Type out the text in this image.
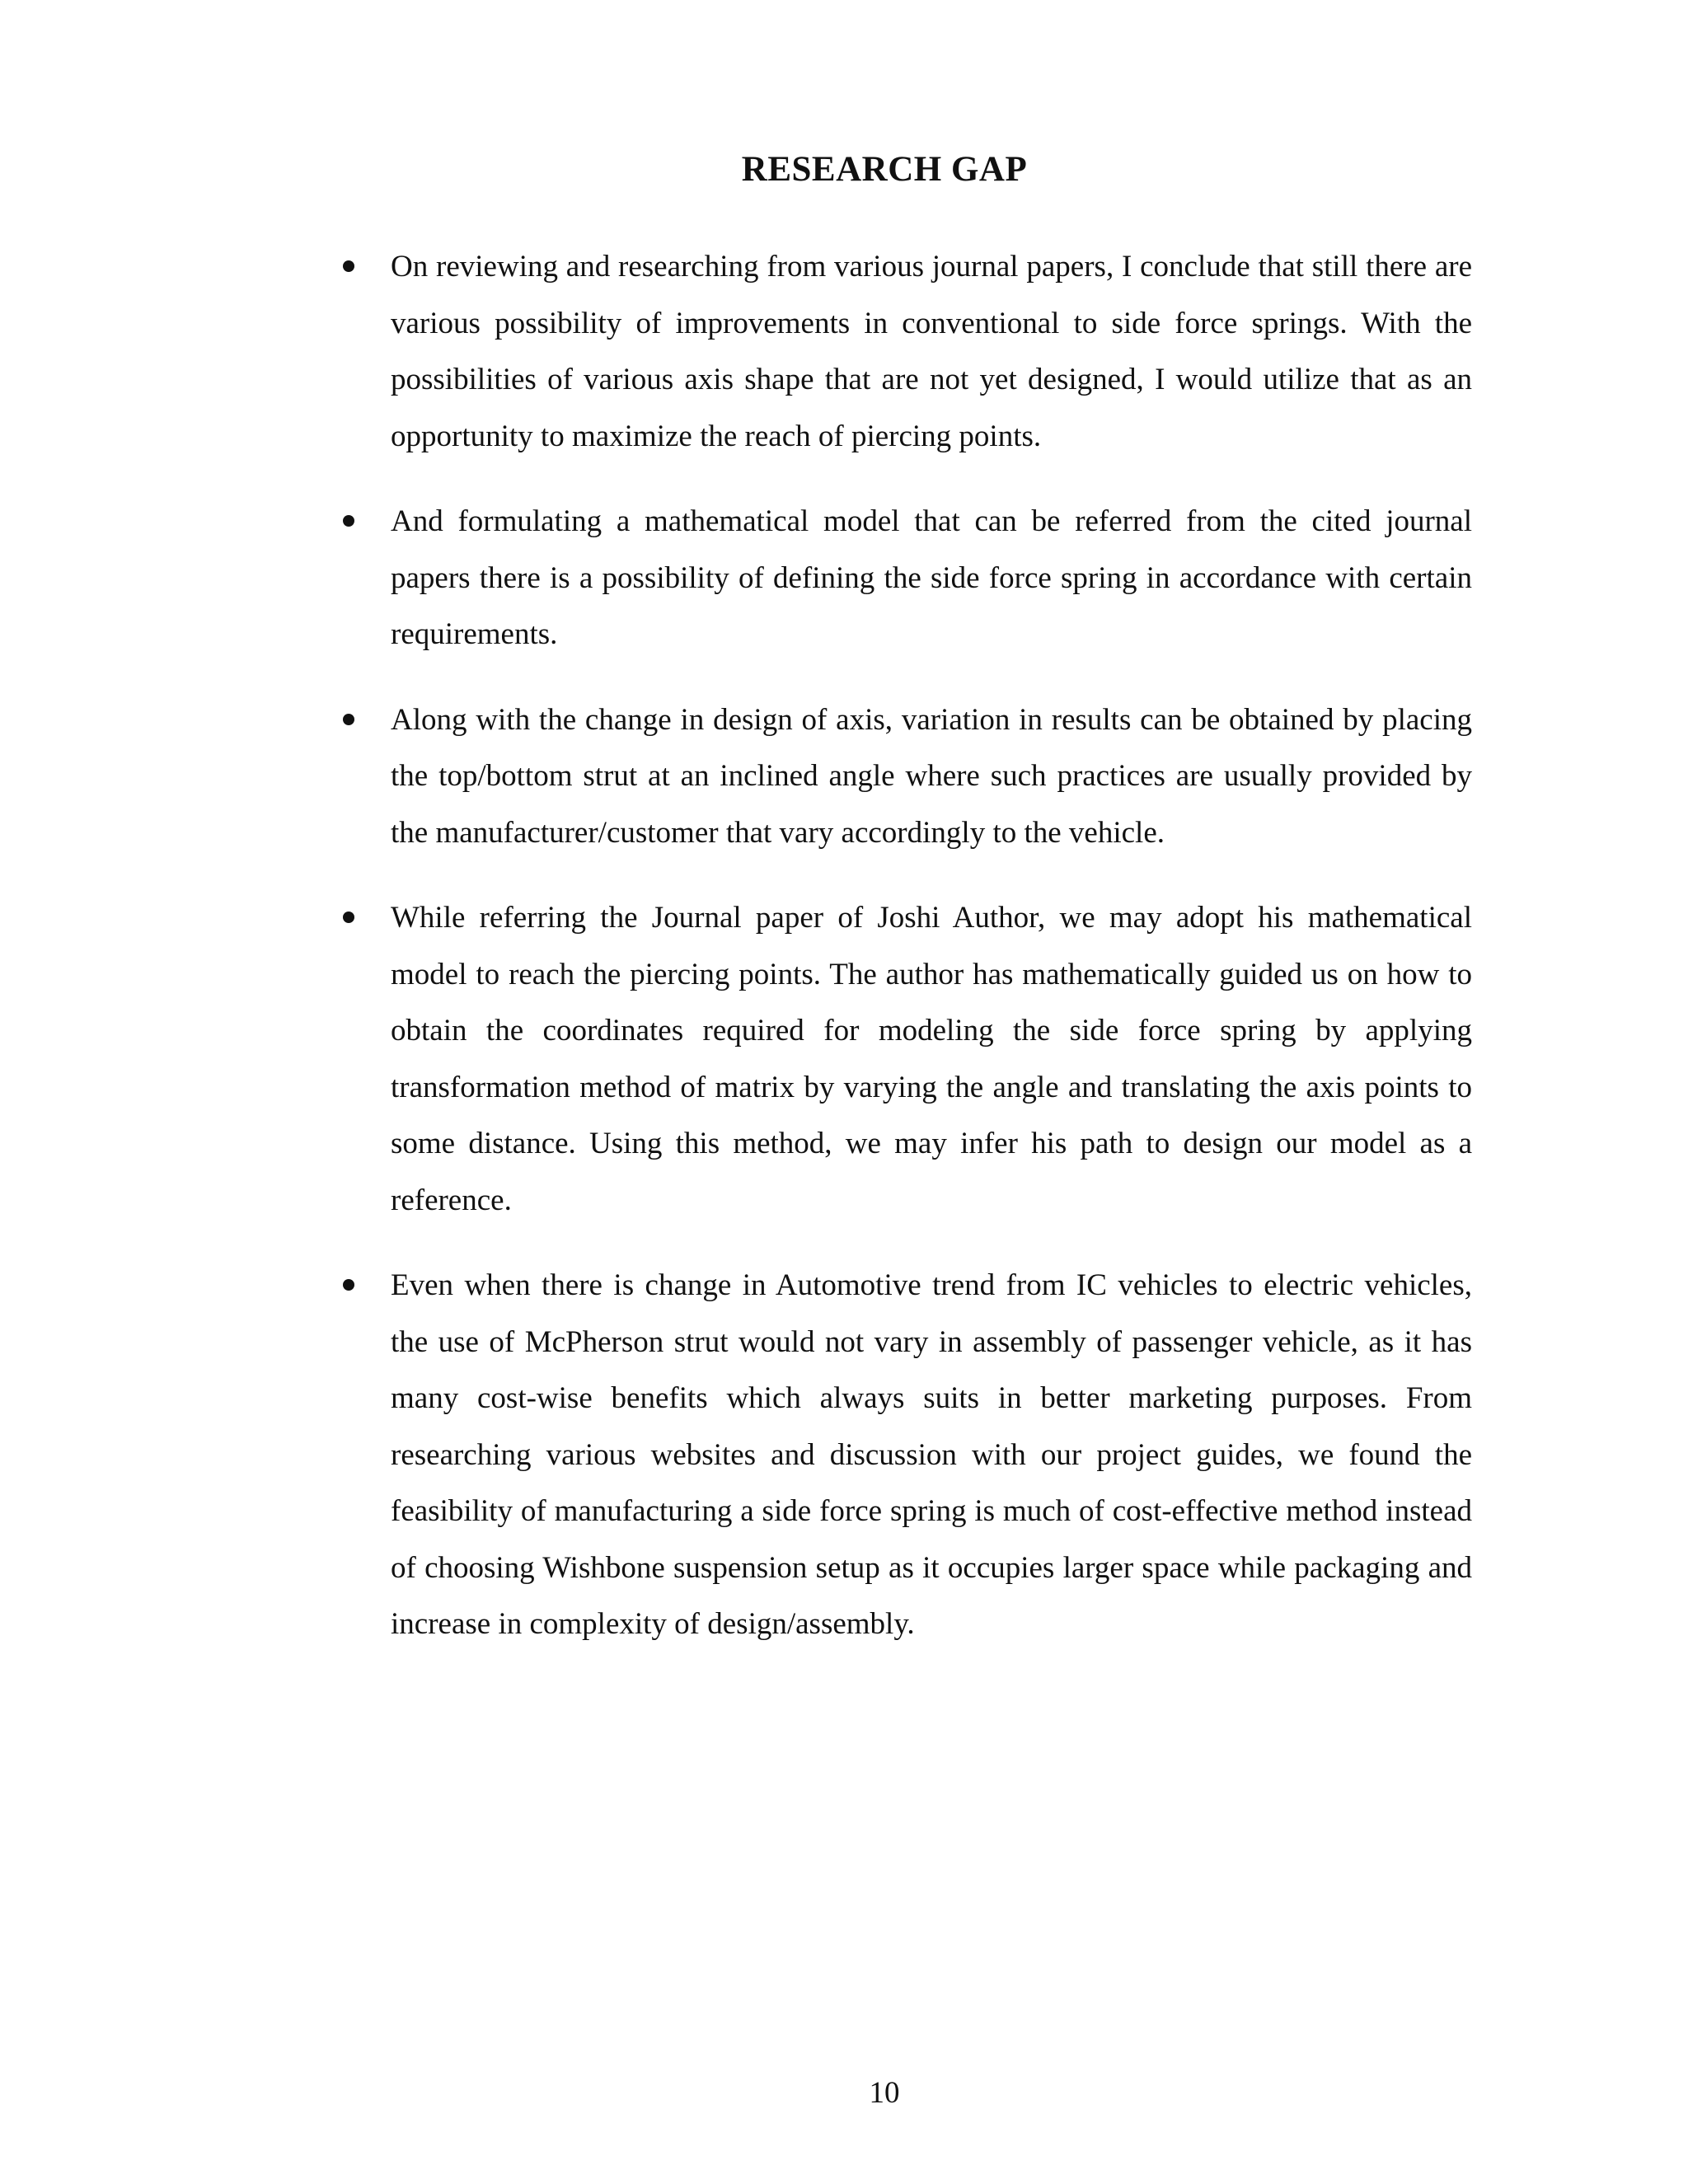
RESEARCH GAP
On reviewing and researching from various journal papers, I conclude that still there are various possibility of improvements in conventional to side force springs. With the possibilities of various axis shape that are not yet designed, I would utilize that as an opportunity to maximize the reach of piercing points.
And formulating a mathematical model that can be referred from the cited journal papers there is a possibility of defining the side force spring in accordance with certain requirements.
Along with the change in design of axis, variation in results can be obtained by placing the top/bottom strut at an inclined angle where such practices are usually provided by the manufacturer/customer that vary accordingly to the vehicle.
While referring the Journal paper of Joshi Author, we may adopt his mathematical model to reach the piercing points. The author has mathematically guided us on how to obtain the coordinates required for modeling the side force spring by applying transformation method of matrix by varying the angle and translating the axis points to some distance. Using this method, we may infer his path to design our model as a reference.
Even when there is change in Automotive trend from IC vehicles to electric vehicles, the use of McPherson strut would not vary in assembly of passenger vehicle, as it has many cost-wise benefits which always suits in better marketing purposes. From researching various websites and discussion with our project guides, we found the feasibility of manufacturing a side force spring is much of cost-effective method instead of choosing Wishbone suspension setup as it occupies larger space while packaging and increase in complexity of design/assembly.
10
